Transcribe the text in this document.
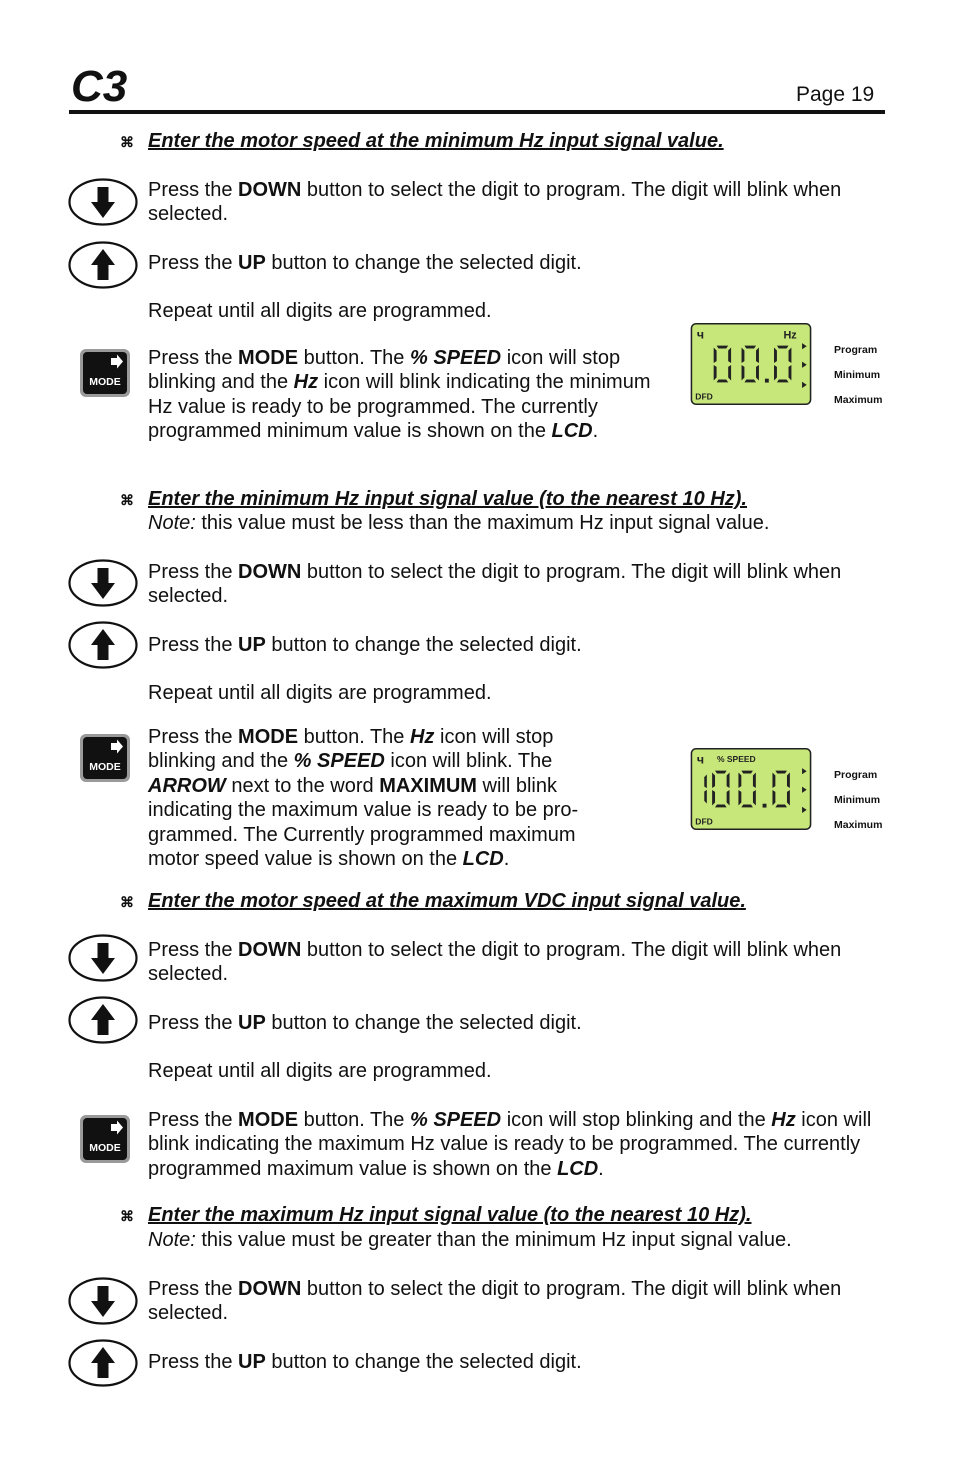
C3	Page 19
⌘ Enter the motor speed at the minimum Hz input signal value.
Press the DOWN button to select the digit to program. The digit will blink when selected.
Press the UP button to change the selected digit.
Repeat until all digits are programmed.
MODE
Press the MODE button. The % SPEED icon will stop blinking and the Hz icon will blink indicating the minimum Hz value is ready to be programmed. The currently programmed minimum value is shown on the LCD.
ч	Hz
DFD
Program
Minimum
Maximum
⌘ Enter the minimum Hz input signal value (to the nearest 10 Hz).
Note: this value must be less than the maximum Hz input signal value.
Press the DOWN button to select the digit to program. The digit will blink when selected.
Press the UP button to change the selected digit.
Repeat until all digits are programmed.
MODE
Press the MODE button. The Hz icon will stop blinking and the % SPEED icon will blink. The ARROW next to the word MAXIMUM will blink indicating the maximum value is ready to be pro-grammed. The Currently programmed maximum motor speed value is shown on the LCD.
ч % SPEED
DFD
Program
Minimum
Maximum
⌘ Enter the motor speed at the maximum VDC input signal value.
Press the DOWN button to select the digit to program. The digit will blink when selected.
Press the UP button to change the selected digit.
Repeat until all digits are programmed.
MODE
Press the MODE button. The % SPEED icon will stop blinking and the Hz icon will blink indicating the maximum Hz value is ready to be programmed. The currently programmed maximum value is shown on the LCD.
⌘ Enter the maximum Hz input signal value (to the nearest 10 Hz).
Note: this value must be greater than the minimum Hz input signal value.
Press the DOWN button to select the digit to program. The digit will blink when selected.
Press the UP button to change the selected digit.
